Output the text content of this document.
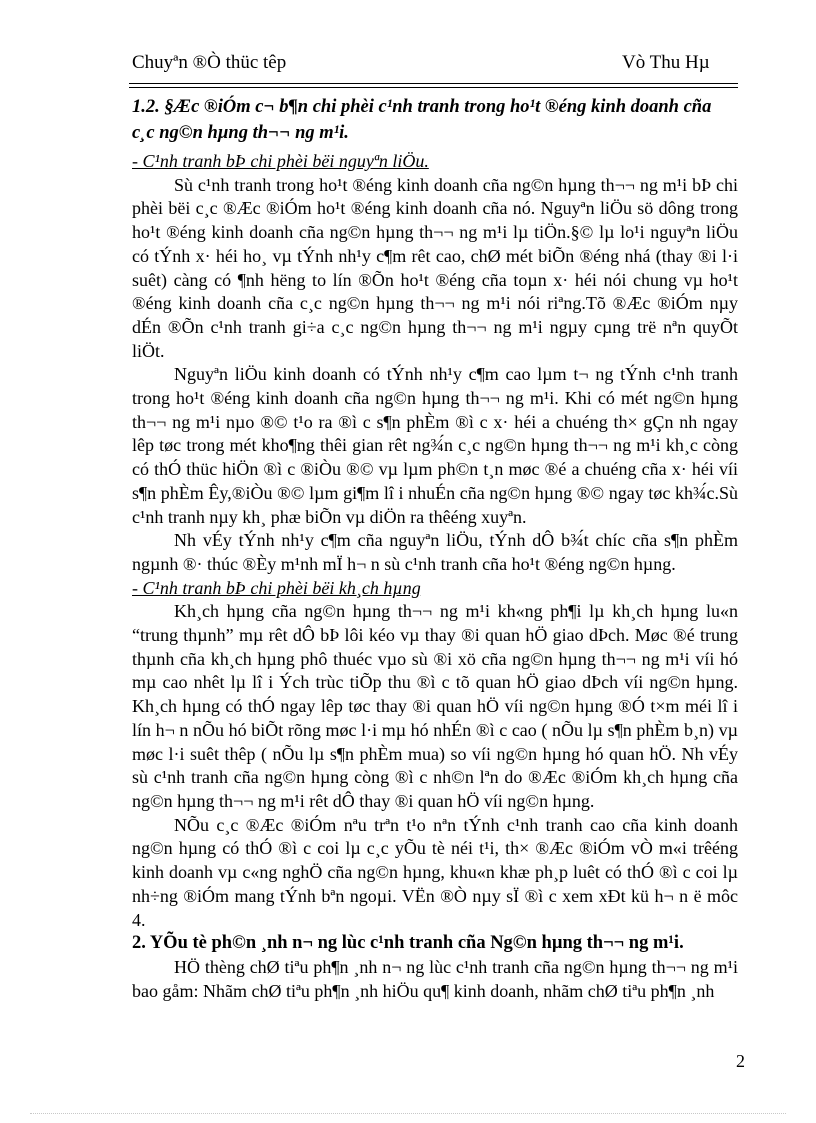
Chuyªn ®Ò thüc têp	Vò Thu Hµ
1.2. §Æc ®iÓm c¬ b¶n chi phèi c¹nh tranh trong ho¹t ®éng kinh doanh cña c¸c ng©n hµng th¬¬ ng m¹i.
- C¹nh tranh bÞ chi phèi bëi nguyªn liÖu.

Sù c¹nh tranh trong ho¹t ®éng kinh doanh cña ng©n hµng th¬¬ ng m¹i bÞ chi phèi bëi c¸c ®Æc ®iÓm ho¹t ®éng kinh doanh cña nó. Nguyªn liÖu sö dông trong ho¹t ®éng kinh doanh cña ng©n hµng th¬¬ ng m¹i lµ tiÖn.§© lµ lo¹i nguyªn liÖu có tÝnh x· héi ho¸ vµ tÝnh nh¹y c¶m rêt cao, chØ mét biÕn ®éng nhá (thay ®i l·i suêt) càng có ¶nh hëng to lín ®Õn ho¹t ®éng cña toµn x· héi nói chung vµ ho¹t ®éng kinh doanh cña c¸c ng©n hµng th¬¬ ng m¹i nói riªng.Tõ ®Æc ®iÓm nµy dÉn ®Õn c¹nh tranh gi÷a c¸c ng©n hµng th¬¬ ng m¹i ngµy cµng trë nªn quyÕt liÖt.

Nguyªn liÖu kinh doanh có tÝnh nh¹y c¶m cao lµm t¬ ng tÝnh c¹nh tranh trong ho¹t ®éng kinh doanh cña ng©n hµng th¬¬ ng m¹i. Khi có mét ng©n hµng th¬¬ ng m¹i nµo ®© t¹o ra ®ì c s¶n phÈm ®ì c x· héi a chuéng th× gÇn nh ngay lêp tøc trong mét kho¶ng thêi gian rêt ng¾́n c¸c ng©n hµng th¬¬ ng m¹i kh¸c còng có thÓ thüc hiÖn ®ì c ®iÒu ®© vµ lµm ph©n t¸n møc ®é a chuéng cña x· héi víi s¶n phÈm Êy,®iÒu ®© lµm gi¶m lî i nhuÉn cña ng©n hµng ®© ngay tøc kh¾́c.Sù c¹nh tranh nµy kh¸ phæ biÕn vµ diÖn ra thêéng xuyªn.

Nh vÉy tÝnh nh¹y c¶m cña nguyªn liÖu, tÝnh dÔ b¾́t chíc cña s¶n phÈm ngµnh ®· thúc ®Èy m¹nh mÏ h¬ n sù c¹nh tranh cña ho¹t ®éng ng©n hµng.

- C¹nh tranh bÞ chi phèi bëi kh¸ch hµng

Kh¸ch hµng cña ng©n hµng th¬¬ ng m¹i kh«ng ph¶i lµ kh¸ch hµng lu«n “trung thµnh” mµ rêt dÔ bÞ lôi kéo vµ thay ®i quan hÖ giao dÞch. Møc ®é trung thµnh cña kh¸ch hµng phô thuéc vµo sù ®i xö cña ng©n hµng th¬¬ ng m¹i víi hó mµ cao nhêt lµ lî i Ých trùc tiÕp thu ®ì c tõ quan hÖ giao dÞch víi ng©n hµng. Kh¸ch hµng có thÓ ngay lêp tøc thay ®i quan hÖ víi ng©n hµng ®Ó t×m méi lî i lín h¬ n nÕu hó biÕt rõng møc l·i mµ hó nhÉn ®ì c cao ( nÕu lµ s¶n phÈm b¸n) vµ møc l·i suêt thêp ( nÕu lµ s¶n phÈm mua) so víi ng©n hµng hó quan hÖ. Nh vÉy sù c¹nh tranh cña ng©n hµng còng ®ì c nh©n lªn do ®Æc ®iÓm kh¸ch hµng cña ng©n hµng th¬¬ ng m¹i rêt dÔ thay ®i quan hÖ víi ng©n hµng.

NÕu c¸c ®Æc ®iÓm nªu trªn t¹o nªn tÝnh c¹nh tranh cao cña kinh doanh ng©n hµng có thÓ ®ì c coi lµ c¸c yÕu tè néi t¹i, th× ®Æc ®iÓm vÒ m«i trêéng kinh doanh vµ c«ng nghÖ cña ng©n hµng, khu«n khæ ph¸p luêt có thÓ ®ì c coi lµ nh÷ng ®iÓm mang tÝnh bªn ngoµi. VËn ®Ò nµy sÏ ®ì c xem xÐt kü h¬ n ë môc 4.

2. YÕu tè ph©n ¸nh n¬ ng lùc c¹nh tranh cña Ng©n hµng th¬¬ ng m¹i.

HÖ thèng chØ tiªu ph¶n ¸nh n¬ ng lùc c¹nh tranh cña ng©n hµng th¬¬ ng m¹i bao gåm: Nhãm chØ tiªu ph¶n ¸nh hiÖu qu¶ kinh doanh, nhãm chØ tiªu ph¶n ¸nh

2
